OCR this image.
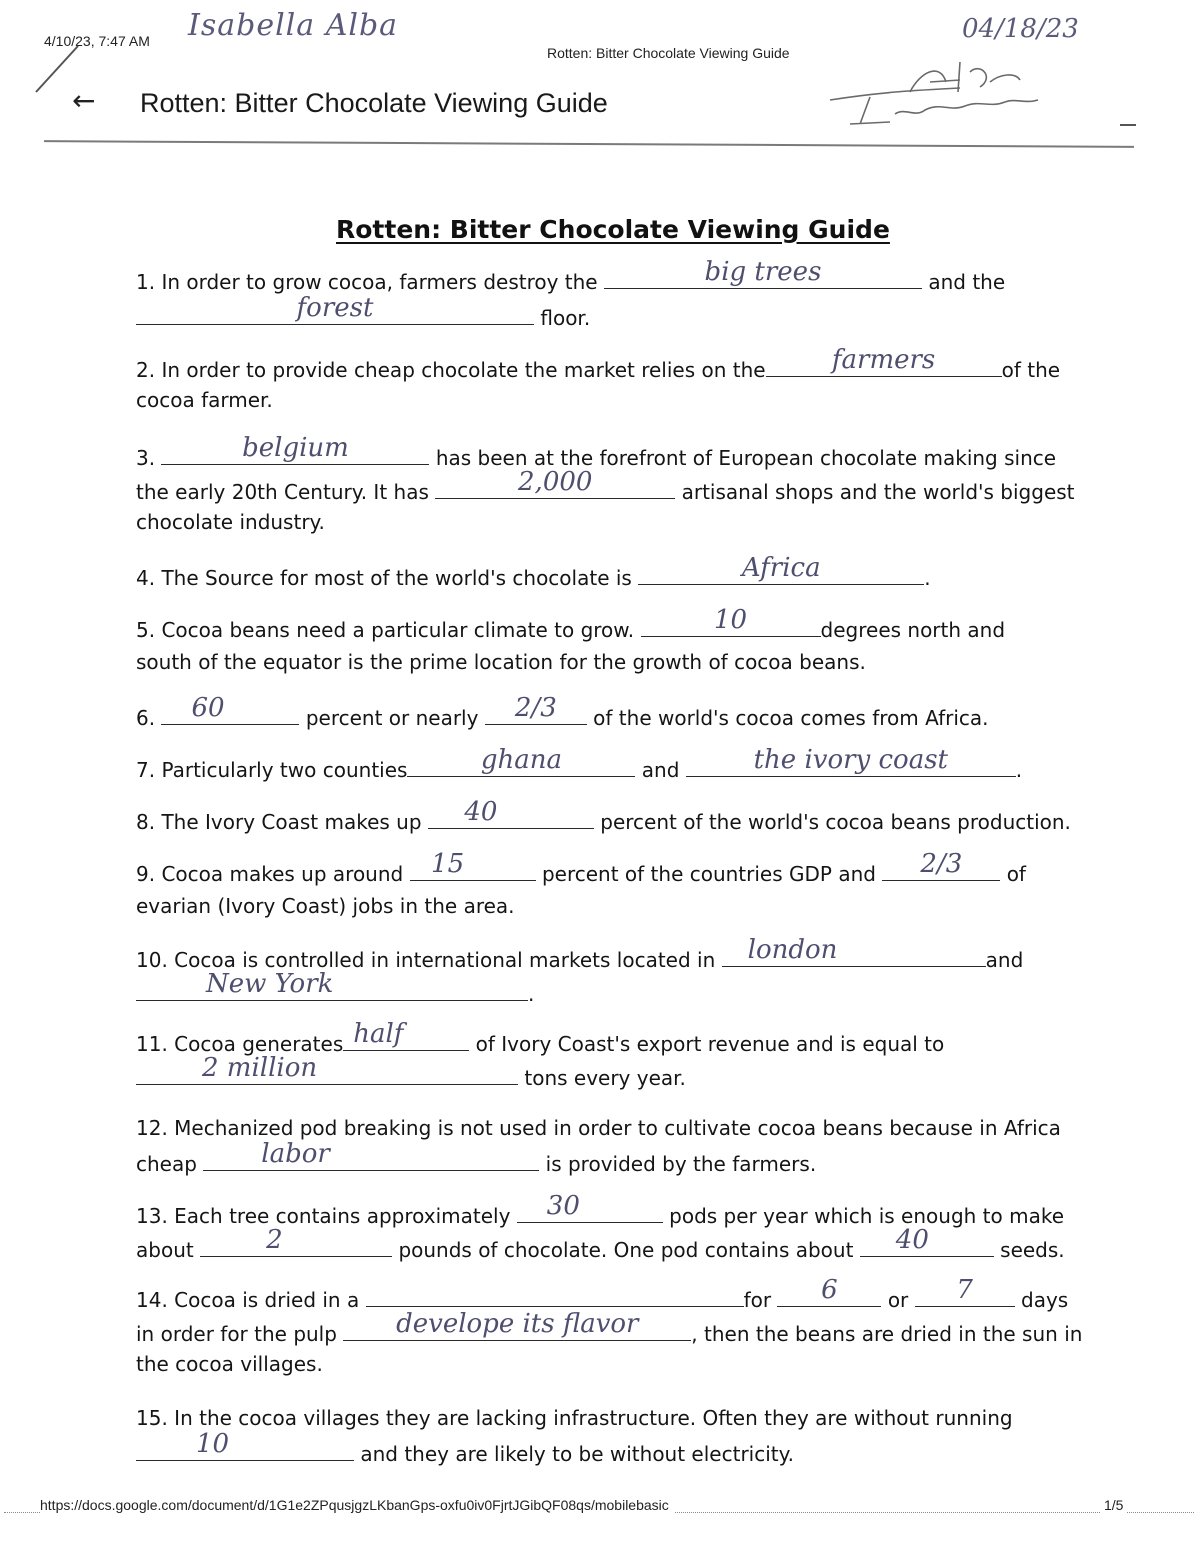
4/10/23, 7:47 AM Isabella Alba
Rotten: Bitter Chocolate Viewing Guide
04/18/23
← Rotten: Bitter Chocolate Viewing Guide
Rotten: Bitter Chocolate Viewing Guide
1. In order to grow cocoa, farmers destroy the	big trees	and the
forest	floor.
2. In order to provide cheap chocolate the market relies on the	farmers	of the
cocoa farmer.
3.	belgium	has been at the forefront of European chocolate making since
the early 20th Century. It has	2,000	artisanal shops and the world's biggest
chocolate industry.
4. The Source for most of the world's chocolate is	Africa	.
5. Cocoa beans need a particular climate to grow.	10	degrees north and
south of the equator is the prime location for the growth of cocoa beans.
6. 60	percent or nearly	2/3	of the world's cocoa comes from Africa.
7. Particularly two counties	ghana	and	the ivory coast	.
8. The Ivory Coast makes up	40	percent of the world's cocoa beans production.
9. Cocoa makes up around	15	percent of the countries GDP and	2/3	of
evarian (Ivory Coast) jobs in the area.
10. Cocoa is controlled in international markets located in london	and
New York	.
11. Cocoa generates half	of Ivory Coast's export revenue and is equal to
2 million	tons every year.
12. Mechanized pod breaking is not used in order to cultivate cocoa beans because in Africa
cheap labor	is provided by the farmers.
13. Each tree contains approximately 30	pods per year which is enough to make
about	2	pounds of chocolate. One pod contains about 40	seeds.
14. Cocoa is dried in a	for	6	or	7	days
in order for the pulp	develope its flavor	, then the beans are dried in the sun in
the cocoa villages.
15. In the cocoa villages they are lacking infrastructure. Often they are without running
10	and they are likely to be without electricity.
https://docs.google.com/document/d/1G1e2ZPqusjgzLKbanGps-oxfu0iv0FjrtJGibQF08qs/mobilebasic	1/5
